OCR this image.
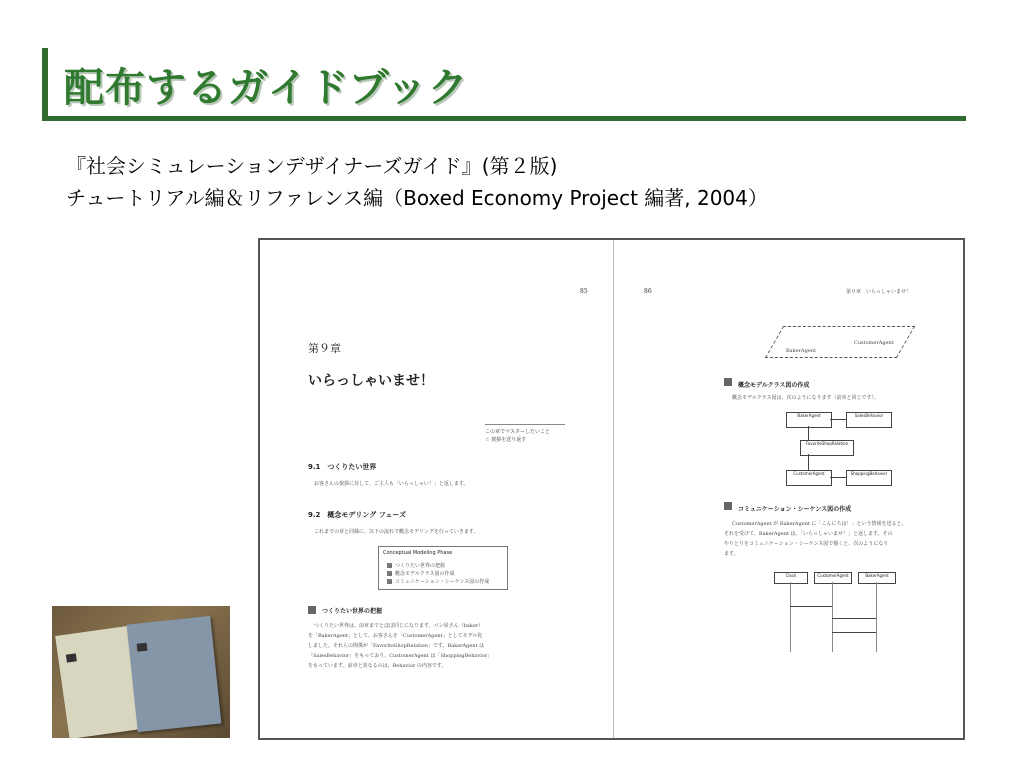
配布するガイドブック
『社会シミュレーションデザイナーズガイド』(第２版)
チュートリアル編＆リファレンス編（Boxed Economy Project 編著, 2004）
85
第９章
いらっしゃいませ！
この章でマスターしたいこと
☆ 挨拶を送り返す
9.1　つくりたい世界
お客さんの挨拶に対して、ご主人も「いらっしゃい！」と返します。
9.2　概念モデリング フェーズ
これまでの章と同様に、以下の流れで概念モデリングを行っていきます。
Conceptual Modeling Phase
つくりたい世界の把握
概念モデルクラス図の作成
コミュニケーション・シーケンス図の作成
つくりたい世界の把握
つくりたい世界は、前章までとほぼ同じになります。パン屋さん（baker）
を「BakerAgent」として、お客さんを「CustomerAgent」としてモデル化
しました。それらの関係が「FavoriteShopRelation」です。BakerAgent は
「SalesBehavior」をもっており、CustomerAgent は「ShoppingBehavior」
をもっています。前章と異なるのは、Behavior の内容です。
86	第９章　いらっしゃいませ！
BakerAgent
CustomerAgent
概念モデルクラス図の作成
概念モデルクラス図は、次のようになります（前章と同じです）。
BakerAgent	SalesBehavior
FavoriteShopRelation
CustomerAgent	ShoppingBehavior
コミュニケーション・シーケンス図の作成
CustomerAgent が BakerAgent に「こんにちは！」という情報を送ると、
それを受けて、BakerAgent は、「いらっしゃいませ！」と返します。その
やりとりをコミュニケーション・シーケンス図で描くと、次のようになり
ます。
Clock	CustomerAgent	BakerAgent
